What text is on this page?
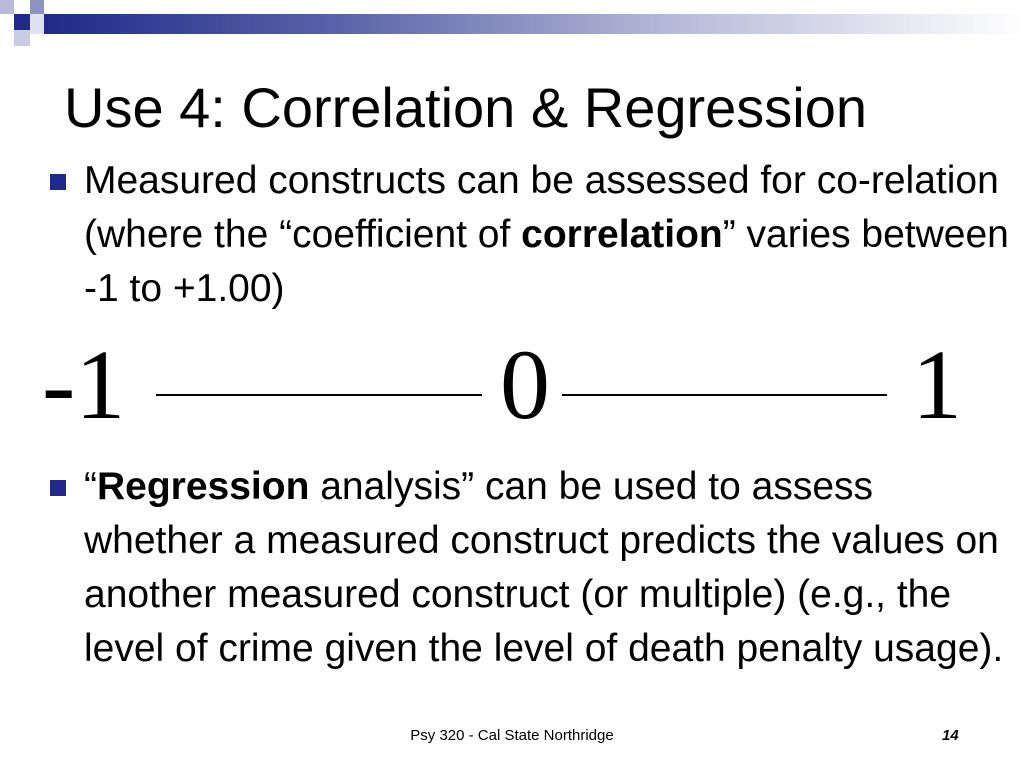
Use 4: Correlation & Regression
Measured constructs can be assessed for co-relation (where the “coefficient of correlation” varies between -1 to +1.00)
-1	0	1
“Regression analysis” can be used to assess whether a measured construct predicts the values on another measured construct (or multiple) (e.g., the level of crime given the level of death penalty usage).
Psy 320 - Cal State Northridge	14
